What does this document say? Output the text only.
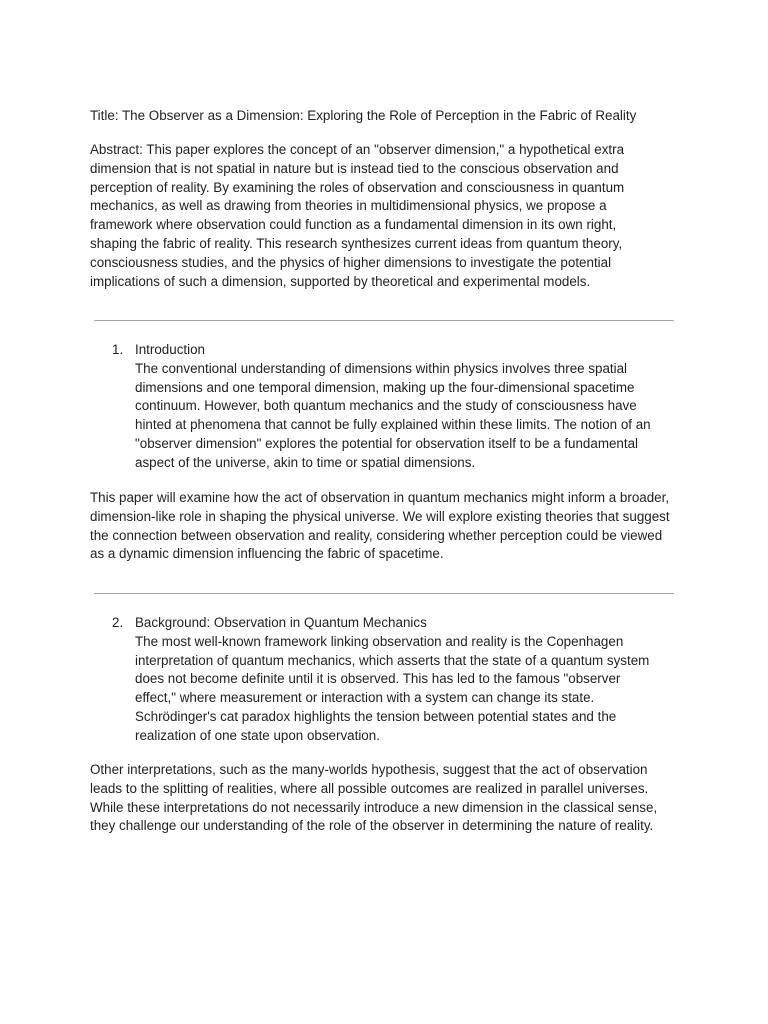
Title: The Observer as a Dimension: Exploring the Role of Perception in the Fabric of Reality

Abstract: This paper explores the concept of an "observer dimension," a hypothetical extra dimension that is not spatial in nature but is instead tied to the conscious observation and perception of reality. By examining the roles of observation and consciousness in quantum mechanics, as well as drawing from theories in multidimensional physics, we propose a framework where observation could function as a fundamental dimension in its own right, shaping the fabric of reality. This research synthesizes current ideas from quantum theory, consciousness studies, and the physics of higher dimensions to investigate the potential implications of such a dimension, supported by theoretical and experimental models.

1. Introduction

The conventional understanding of dimensions within physics involves three spatial dimensions and one temporal dimension, making up the four-dimensional spacetime continuum. However, both quantum mechanics and the study of consciousness have hinted at phenomena that cannot be fully explained within these limits. The notion of an "observer dimension" explores the potential for observation itself to be a fundamental aspect of the universe, akin to time or spatial dimensions.

This paper will examine how the act of observation in quantum mechanics might inform a broader, dimension-like role in shaping the physical universe. We will explore existing theories that suggest the connection between observation and reality, considering whether perception could be viewed as a dynamic dimension influencing the fabric of spacetime.

2. Background: Observation in Quantum Mechanics

The most well-known framework linking observation and reality is the Copenhagen interpretation of quantum mechanics, which asserts that the state of a quantum system does not become definite until it is observed. This has led to the famous "observer effect," where measurement or interaction with a system can change its state. Schrödinger's cat paradox highlights the tension between potential states and the realization of one state upon observation.

Other interpretations, such as the many-worlds hypothesis, suggest that the act of observation leads to the splitting of realities, where all possible outcomes are realized in parallel universes. While these interpretations do not necessarily introduce a new dimension in the classical sense, they challenge our understanding of the role of the observer in determining the nature of reality.
